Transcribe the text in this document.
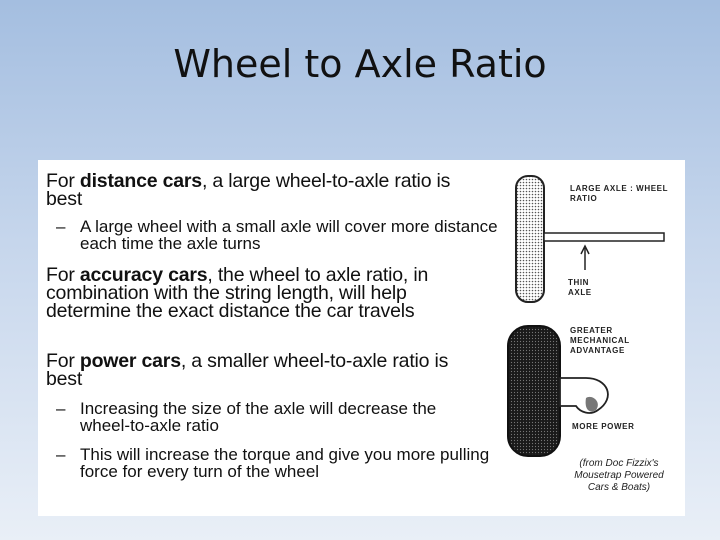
Wheel to Axle Ratio
For distance cars, a large wheel-to-axle ratio is best
– A large wheel with a small axle will cover more distance each time the axle turns
For accuracy cars, the wheel to axle ratio, in combination with the string length, will help determine the exact distance the car travels
For power cars, a smaller wheel-to-axle ratio is best
– Increasing the size of the axle will decrease the wheel-to-axle ratio
– This will increase the torque and give you more pulling force for every turn of the wheel
LARGE AXLE : WHEEL RATIO
THIN AXLE
GREATER MECHANICAL ADVANTAGE
MORE POWER
(from Doc Fizzix's Mousetrap Powered Cars & Boats)
